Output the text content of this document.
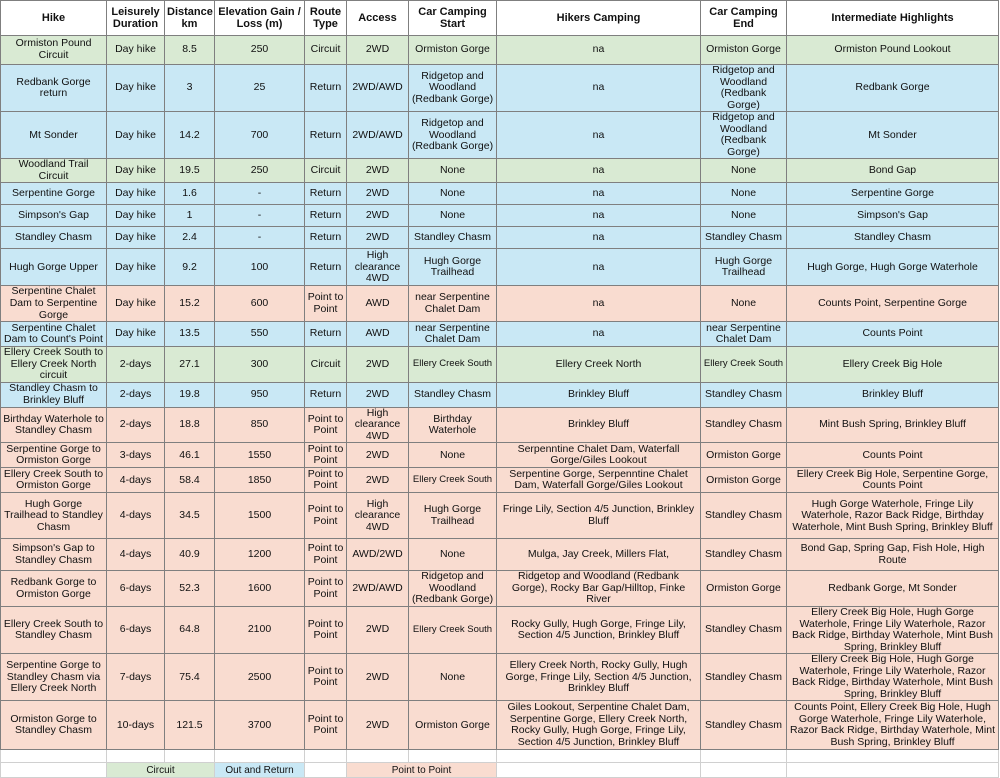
Hike	Leisurely Duration	Distance km	Elevation Gain / Loss (m)	Route Type	Access	Car Camping Start	Hikers Camping	Car Camping End	Intermediate Highlights
Ormiston Pound Circuit	Day hike	8.5	250	Circuit	2WD	Ormiston Gorge	na	Ormiston Gorge	Ormiston Pound Lookout
Redbank Gorge return	Day hike	3	25	Return	2WD/AWD	Ridgetop and Woodland (Redbank Gorge)	na	Ridgetop and Woodland (Redbank Gorge)	Redbank Gorge
Mt Sonder	Day hike	14.2	700	Return	2WD/AWD	Ridgetop and Woodland (Redbank Gorge)	na	Ridgetop and Woodland (Redbank Gorge)	Mt Sonder
Woodland Trail Circuit	Day hike	19.5	250	Circuit	2WD	None	na	None	Bond Gap
Serpentine Gorge	Day hike	1.6	-	Return	2WD	None	na	None	Serpentine Gorge
Simpson's Gap	Day hike	1	-	Return	2WD	None	na	None	Simpson's Gap
Standley Chasm	Day hike	2.4	-	Return	2WD	Standley Chasm	na	Standley Chasm	Standley Chasm
Hugh Gorge Upper	Day hike	9.2	100	Return	High clearance 4WD	Hugh Gorge Trailhead	na	Hugh Gorge Trailhead	Hugh Gorge, Hugh Gorge Waterhole
Serpentine Chalet Dam to Serpentine Gorge	Day hike	15.2	600	Point to Point	AWD	near Serpentine Chalet Dam	na	None	Counts Point, Serpentine Gorge
Serpentine Chalet Dam to Count's Point	Day hike	13.5	550	Return	AWD	near Serpentine Chalet Dam	na	near Serpentine Chalet Dam	Counts Point
Ellery Creek South to Ellery Creek North circuit	2-days	27.1	300	Circuit	2WD	Ellery Creek South	Ellery Creek North	Ellery Creek South	Ellery Creek Big Hole
Standley Chasm to Brinkley Bluff	2-days	19.8	950	Return	2WD	Standley Chasm	Brinkley Bluff	Standley Chasm	Brinkley Bluff
Birthday Waterhole to Standley Chasm	2-days	18.8	850	Point to Point	High clearance 4WD	Birthday Waterhole	Brinkley Bluff	Standley Chasm	Mint Bush Spring, Brinkley Bluff
Serpentine Gorge to Ormiston Gorge	3-days	46.1	1550	Point to Point	2WD	None	Serpenntine Chalet Dam, Waterfall Gorge/Giles Lookout	Ormiston Gorge	Counts Point
Ellery Creek South to Ormiston Gorge	4-days	58.4	1850	Point to Point	2WD	Ellery Creek South	Serpentine Gorge, Serpenntine Chalet Dam, Waterfall Gorge/Giles Lookout	Ormiston Gorge	Ellery Creek Big Hole, Serpentine Gorge, Counts Point
Hugh Gorge Trailhead to Standley Chasm	4-days	34.5	1500	Point to Point	High clearance 4WD	Hugh Gorge Trailhead	Fringe Lily, Section 4/5 Junction, Brinkley Bluff	Standley Chasm	Hugh Gorge Waterhole, Fringe Lily Waterhole, Razor Back Ridge, Birthday Waterhole, Mint Bush Spring, Brinkley Bluff
Simpson's Gap to Standley Chasm	4-days	40.9	1200	Point to Point	AWD/2WD	None	Mulga, Jay Creek, Millers Flat,	Standley Chasm	Bond Gap, Spring Gap, Fish Hole, High Route
Redbank Gorge to Ormiston Gorge	6-days	52.3	1600	Point to Point	2WD/AWD	Ridgetop and Woodland (Redbank Gorge)	Ridgetop and Woodland (Redbank Gorge), Rocky Bar Gap/Hilltop, Finke River	Ormiston Gorge	Redbank Gorge, Mt Sonder
Ellery Creek South to Standley Chasm	6-days	64.8	2100	Point to Point	2WD	Ellery Creek South	Rocky Gully, Hugh Gorge, Fringe Lily, Section 4/5 Junction, Brinkley Bluff	Standley Chasm	Ellery Creek Big Hole, Hugh Gorge Waterhole, Fringe Lily Waterhole, Razor Back Ridge, Birthday Waterhole, Mint Bush Spring, Brinkley Bluff
Serpentine Gorge to Standley Chasm via Ellery Creek North	7-days	75.4	2500	Point to Point	2WD	None	Ellery Creek North, Rocky Gully, Hugh Gorge, Fringe Lily, Section 4/5 Junction, Brinkley Bluff	Standley Chasm	Ellery Creek Big Hole, Hugh Gorge Waterhole, Fringe Lily Waterhole, Razor Back Ridge, Birthday Waterhole, Mint Bush Spring, Brinkley Bluff
Ormiston Gorge to Standley Chasm	10-days	121.5	3700	Point to Point	2WD	Ormiston Gorge	Giles Lookout, Serpentine Chalet Dam, Serpentine Gorge, Ellery Creek North, Rocky Gully, Hugh Gorge, Fringe Lily, Section 4/5 Junction, Brinkley Bluff	Standley Chasm	Counts Point, Ellery Creek Big Hole, Hugh Gorge Waterhole, Fringe Lily Waterhole, Razor Back Ridge, Birthday Waterhole, Mint Bush Spring, Brinkley Bluff

	Circuit		Out and Return		Point to Point				
